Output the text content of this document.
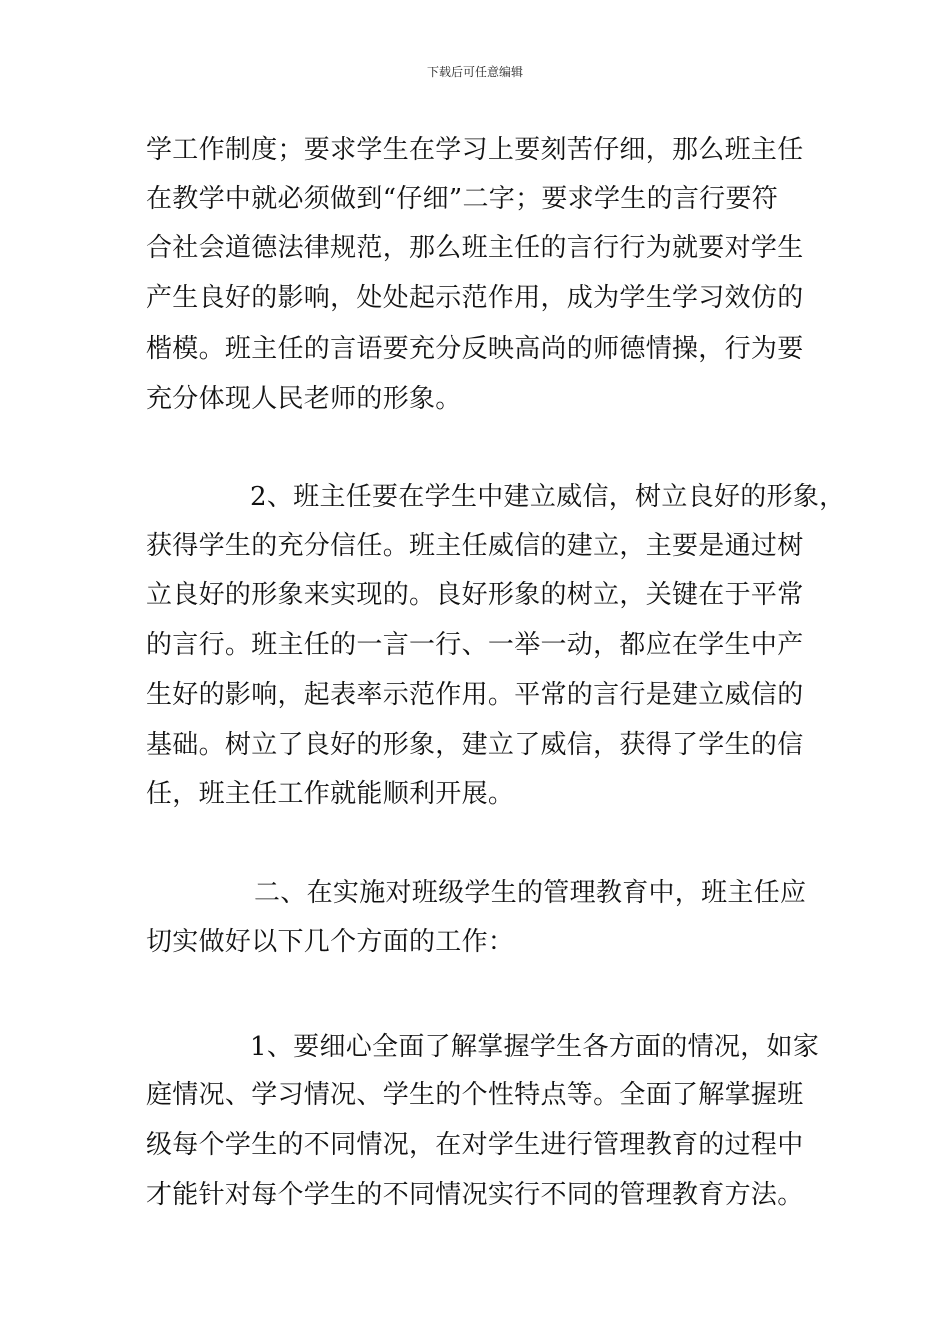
下载后可任意编辑
学工作制度；要求学生在学习上要刻苦仔细，那么班主任
在教学中就必须做到“仔细”二字；要求学生的言行要符
合社会道德法律规范，那么班主任的言行行为就要对学生
产生良好的影响，处处起示范作用，成为学生学习效仿的
楷模。班主任的言语要充分反映高尚的师德情操，行为要
充分体现人民老师的形象。
2、班主任要在学生中建立威信，树立良好的形象，
获得学生的充分信任。班主任威信的建立，主要是通过树
立良好的形象来实现的。良好形象的树立，关键在于平常
的言行。班主任的一言一行、一举一动，都应在学生中产
生好的影响，起表率示范作用。平常的言行是建立威信的
基础。树立了良好的形象，建立了威信，获得了学生的信
任，班主任工作就能顺利开展。
二、在实施对班级学生的管理教育中，班主任应
切实做好以下几个方面的工作：
1、要细心全面了解掌握学生各方面的情况，如家
庭情况、学习情况、学生的个性特点等。全面了解掌握班
级每个学生的不同情况，在对学生进行管理教育的过程中
才能针对每个学生的不同情况实行不同的管理教育方法。
